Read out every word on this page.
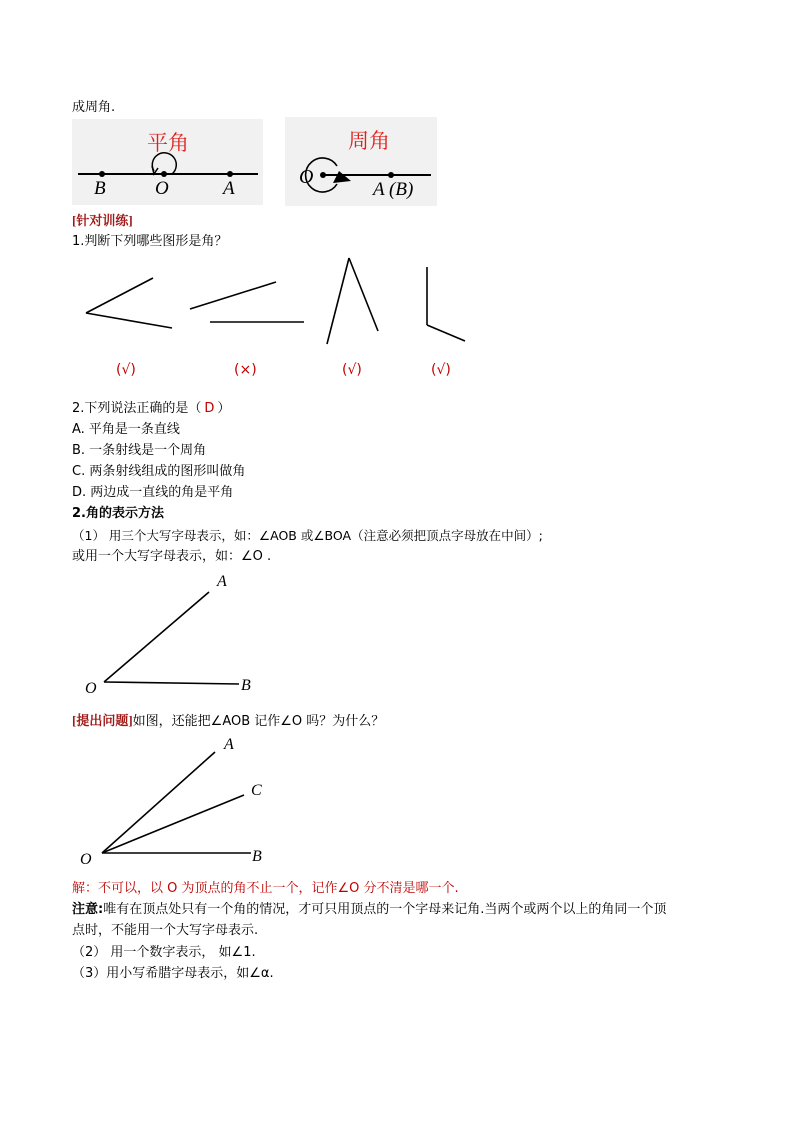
成周角.
平角
B	O	A
周角
O
A (B)
[针对训练]
1.判断下列哪些图形是角？
(√)	(×)	(√)	(√)
2.下列说法正确的是（ D ）
A. 平角是一条直线
B. 一条射线是一个周角
C. 两条射线组成的图形叫做角
D. 两边成一直线的角是平角
2.角的表示方法
（1） 用三个大写字母表示，如：∠AOB 或∠BOA（注意必须把顶点字母放在中间）;
或用一个大写字母表示，如：∠O .
A
O	B
[提出问题]如图，还能把∠AOB 记作∠O 吗？为什么？
A
C
O	B
解：不可以，以 O 为顶点的角不止一个，记作∠O 分不清是哪一个.
注意:唯有在顶点处只有一个角的情况，才可只用顶点的一个字母来记角.当两个或两个以上的角同一个顶
点时，不能用一个大写字母表示.
（2） 用一个数字表示， 如∠1.
（3）用小写希腊字母表示，如∠α.
